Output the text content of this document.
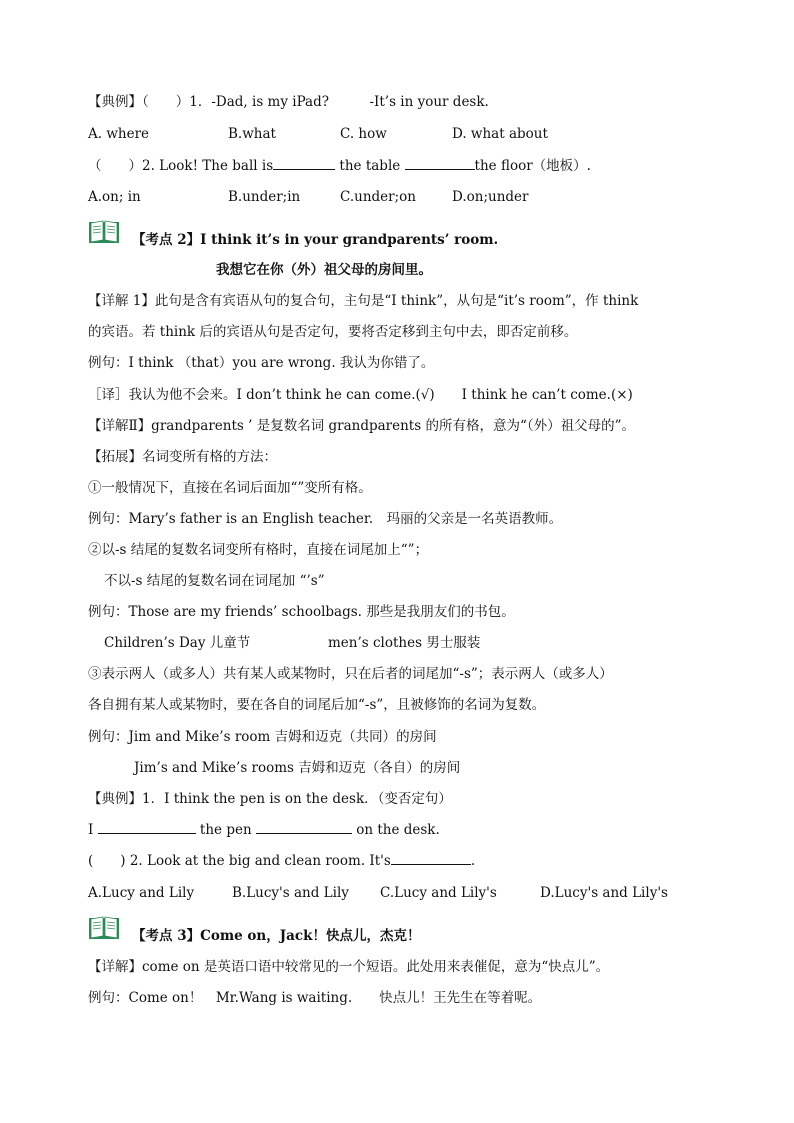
【典例】（　　）1．-Dad, is my iPad?　　　-It’s in your desk.
A. where	B.what	C. how	D. what about
（　　）2. Look! The ball is	the table	the floor（地板）.
A.on; in	B.under;in	C.under;on	D.on;under
【考点 2】I think it’s in your grandparents’ room.
我想它在你（外）祖父母的房间里。
【详解 1】此句是含有宾语从句的复合句，主句是“I think”，从句是“it’s room”，作 think
的宾语。若 think 后的宾语从句是否定句，要将否定移到主句中去，即否定前移。
例句：I think （that）you are wrong. 我认为你错了。
［译］我认为他不会来。I don’t think he can come.(√)　　I think he can’t come.(×)
【详解Ⅱ】grandparents ’ 是复数名词 grandparents 的所有格，意为“（外）祖父母的”。
【拓展】名词变所有格的方法：
①一般情况下，直接在名词后面加“”变所有格。
例句：Mary’s father is an English teacher.　玛丽的父亲是一名英语教师。
②以-s 结尾的复数名词变所有格时，直接在词尾加上“”；
不以-s 结尾的复数名词在词尾加 “’s”
例句：Those are my friends’ schoolbags. 那些是我朋友们的书包。
Children’s Day 儿童节	men’s clothes 男士服装
③表示两人（或多人）共有某人或某物时，只在后者的词尾加“-s”；表示两人（或多人）
各自拥有某人或某物时，要在各自的词尾后加“-s”，且被修饰的名词为复数。
例句：Jim and Mike’s room 吉姆和迈克（共同）的房间
Jim’s and Mike’s rooms 吉姆和迈克（各自）的房间
【典例】1．I think the pen is on the desk．（变否定句）
I	the pen	on the desk.
(　　) 2. Look at the big and clean room. It's	.
A.Lucy and Lily	B.Lucy's and Lily C.Lucy and Lily's	D.Lucy's and Lily's
【考点 3】Come on，Jack！快点儿，杰克！
【详解】come on 是英语口语中较常见的一个短语。此处用来表催促，意为“快点儿”。
例句：Come on！　Mr.Wang is waiting.　　快点儿！王先生在等着呢。
